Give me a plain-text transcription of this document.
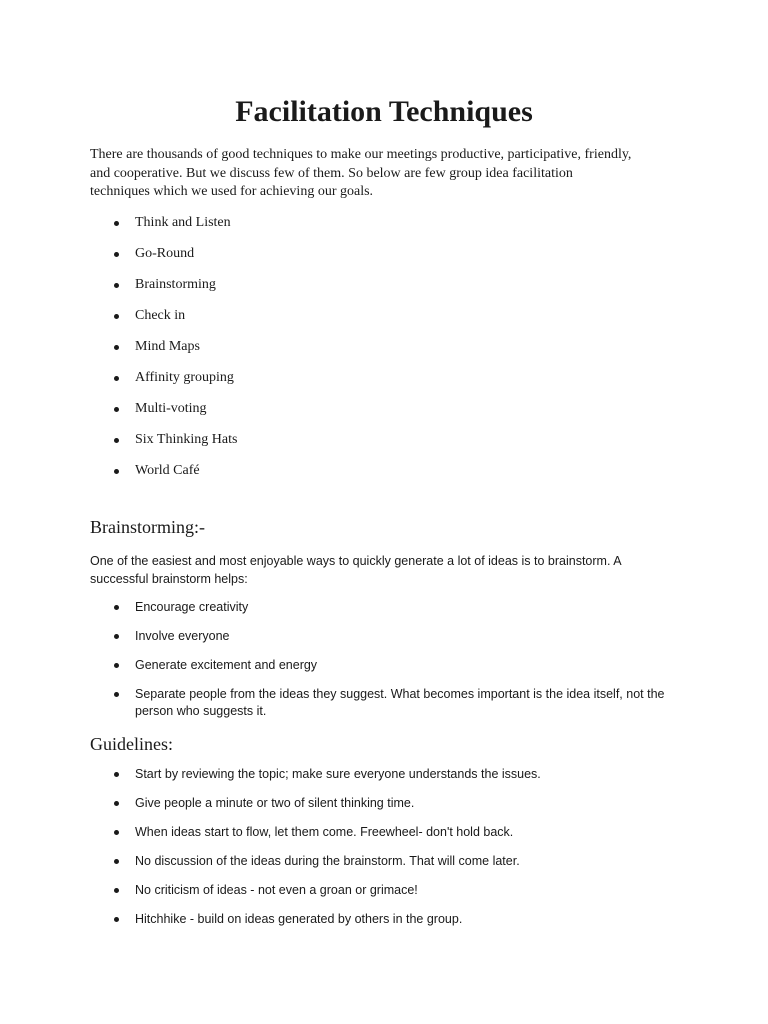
Facilitation Techniques

There are thousands of good techniques to make our meetings productive, participative, friendly,
and cooperative. But we discuss few of them. So below are few group idea facilitation
techniques which we used for achieving our goals.

Think and Listen
Go-Round
Brainstorming
Check in
Mind Maps
Affinity grouping
Multi-voting
Six Thinking Hats
World Café
Brainstorming:-

One of the easiest and most enjoyable ways to quickly generate a lot of ideas is to brainstorm. A
successful brainstorm helps:

Encourage creativity
Involve everyone
Generate excitement and energy
Separate people from the ideas they suggest. What becomes important is the idea itself, not the person who suggests it.
Guidelines:
Start by reviewing the topic; make sure everyone understands the issues.
Give people a minute or two of silent thinking time.
When ideas start to flow, let them come. Freewheel- don't hold back.
No discussion of the ideas during the brainstorm. That will come later.
No criticism of ideas - not even a groan or grimace!
Hitchhike - build on ideas generated by others in the group.
